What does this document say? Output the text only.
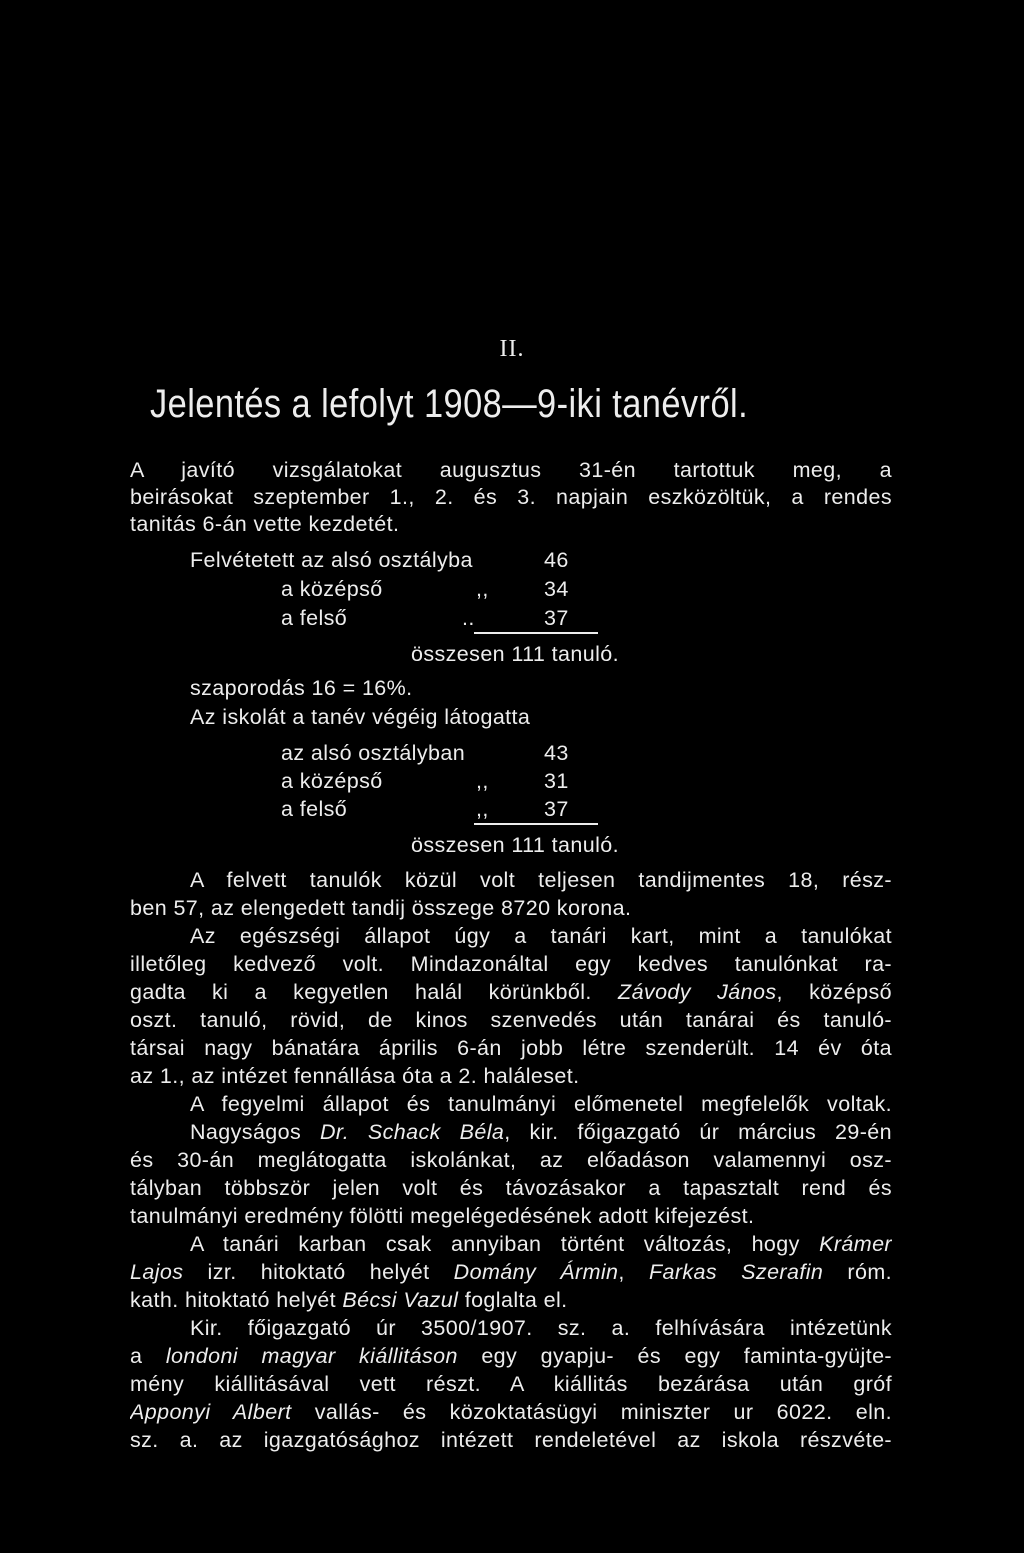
II.
Jelentés a lefolyt 1908—9-iki tanévről.
A javító vizsgálatokat augusztus 31-én tartottuk meg, a
beirásokat szeptember 1., 2. és 3. napjain eszközöltük, a rendes
tanitás 6-án vette kezdetét.
Felvétetett az alsó osztályba	46
a középső	,,	34
a felső	..	37
összesen 111 tanuló.
szaporodás 16 = 16%.
Az iskolát a tanév végéig látogatta
az alsó osztályban	43
a középső	,,	31
a felső	,,	37
összesen 111 tanuló.
A felvett tanulók közül volt teljesen tandijmentes 18, rész-
ben 57, az elengedett tandij összege 8720 korona.
Az egészségi állapot úgy a tanári kart, mint a tanulókat
illetőleg kedvező volt. Mindazonáltal egy kedves tanulónkat ra-
gadta ki a kegyetlen halál körünkből. Závody János, középső
oszt. tanuló, rövid, de kinos szenvedés után tanárai és tanuló-
társai nagy bánatára április 6-án jobb létre szenderült. 14 év óta
az 1., az intézet fennállása óta a 2. haláleset.
A fegyelmi állapot és tanulmányi előmenetel megfelelők voltak.
Nagyságos Dr. Schack Béla, kir. főigazgató úr március 29-én
és 30-án meglátogatta iskolánkat, az előadáson valamennyi osz-
tályban többször jelen volt és távozásakor a tapasztalt rend és
tanulmányi eredmény fölötti megelégedésének adott kifejezést.
A tanári karban csak annyiban történt változás, hogy Krámer
Lajos izr. hitoktató helyét Domány Ármin, Farkas Szerafin róm.
kath. hitoktató helyét Bécsi Vazul foglalta el.
Kir. főigazgató úr 3500/1907. sz. a. felhívására intézetünk
a londoni magyar kiállitáson egy gyapju- és egy faminta-gyüjte-
mény kiállitásával vett részt. A kiállitás bezárása után gróf
Apponyi Albert vallás- és közoktatásügyi miniszter ur 6022. eln.
sz. a. az igazgatósághoz intézett rendeletével az iskola részvéte-
